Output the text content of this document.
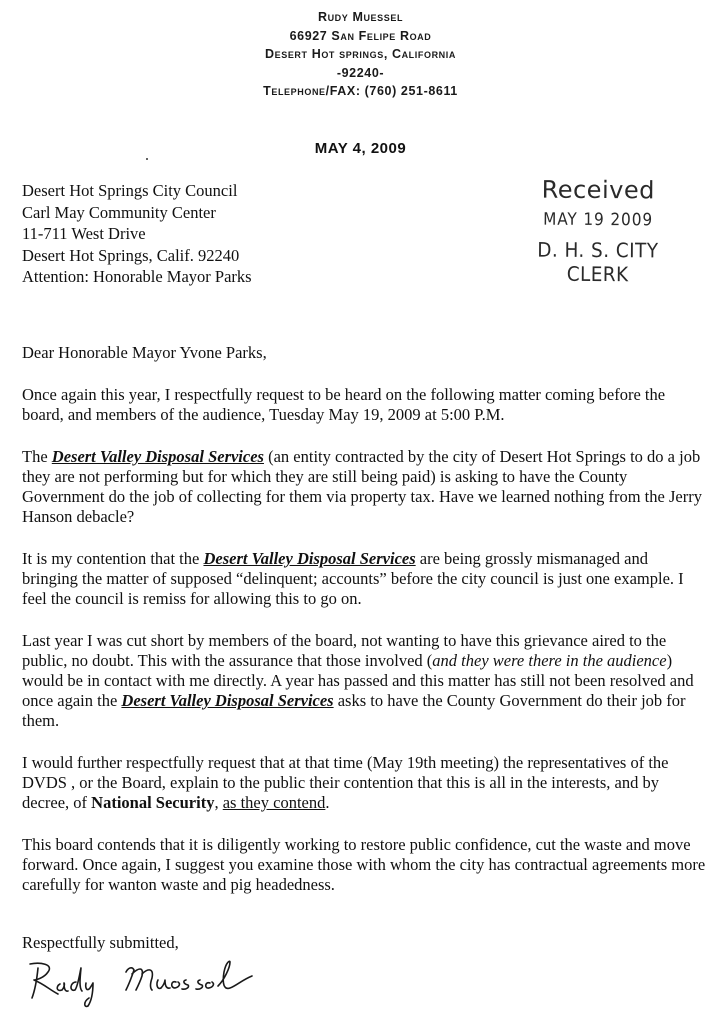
Rudy Muessel
66927 San Felipe Road
Desert Hot springs, California
-92240-
Telephone/FAX: (760) 251-8611
MAY 4, 2009
Desert Hot Springs City Council
Carl May Community Center
11-711 West Drive
Desert Hot Springs, Calif. 92240
Attention: Honorable Mayor Parks
Received
MAY 19 2009
D. H. S. CITY CLERK

Dear Honorable Mayor Yvone Parks,

Once again this year, I respectfully request to be heard on the following matter coming before the board, and members of the audience, Tuesday May 19, 2009 at 5:00 P.M.

The Desert Valley Disposal Services (an entity contracted by the city of Desert Hot Springs to do a job they are not performing but for which they are still being paid) is asking to have the County Government do the job of collecting for them via property tax. Have we learned nothing from the Jerry Hanson debacle?

It is my contention that the Desert Valley Disposal Services are being grossly mismanaged and bringing the matter of supposed “delinquent; accounts” before the city council is just one example. I feel the council is remiss for allowing this to go on.

Last year I was cut short by members of the board, not wanting to have this grievance aired to the public, no doubt. This with the assurance that those involved (and they were there in the audience) would be in contact with me directly. A year has passed and this matter has still not been resolved and once again the Desert Valley Disposal Services asks to have the County Government do their job for them.

I would further respectfully request that at that time (May 19th meeting) the representatives of the DVDS , or the Board, explain to the public their contention that this is all in the interests, and by decree, of National Security, as they contend.

This board contends that it is diligently working to restore public confidence, cut the waste and move forward. Once again, I suggest you examine those with whom the city has contractual agreements more carefully for wanton waste and pig headedness.

Respectfully submitted,
